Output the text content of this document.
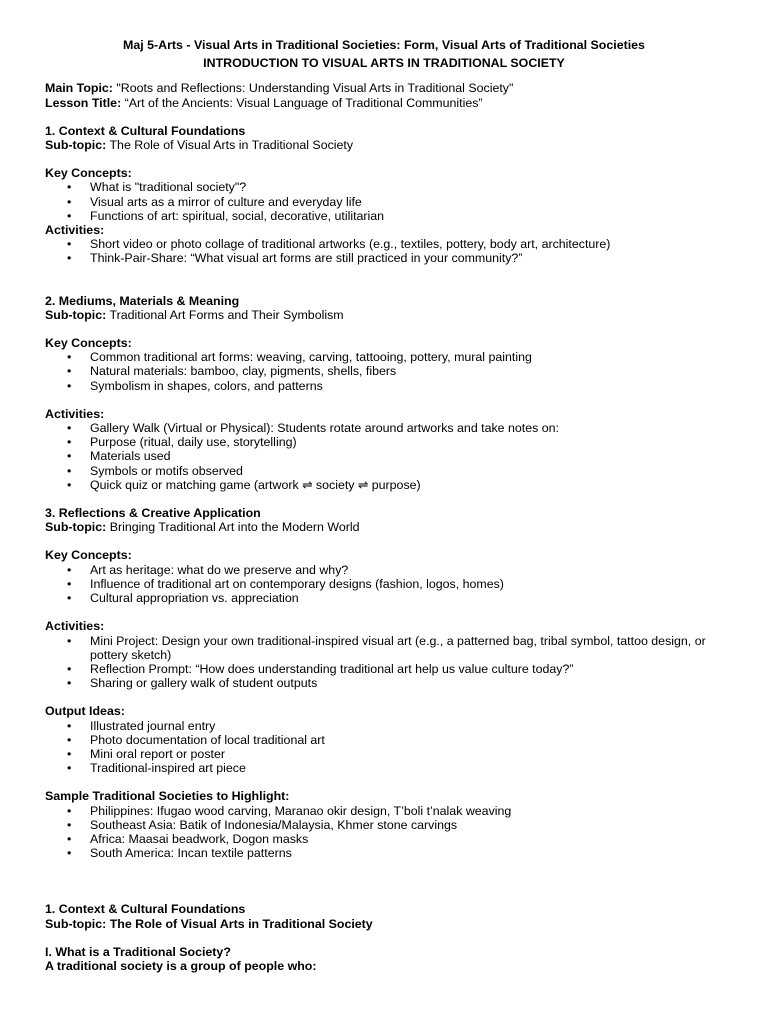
Maj 5-Arts - Visual Arts in Traditional Societies: Form, Visual Arts of Traditional Societies
INTRODUCTION TO VISUAL ARTS IN TRADITIONAL SOCIETY
Main Topic: "Roots and Reflections: Understanding Visual Arts in Traditional Society"
Lesson Title: “Art of the Ancients: Visual Language of Traditional Communities”
1. Context & Cultural Foundations
Sub-topic: The Role of Visual Arts in Traditional Society
Key Concepts:
• What is "traditional society"?
• Visual arts as a mirror of culture and everyday life
• Functions of art: spiritual, social, decorative, utilitarian
Activities:
• Short video or photo collage of traditional artworks (e.g., textiles, pottery, body art, architecture)
• Think-Pair-Share: “What visual art forms are still practiced in your community?”
2. Mediums, Materials & Meaning
Sub-topic: Traditional Art Forms and Their Symbolism
Key Concepts:
• Common traditional art forms: weaving, carving, tattooing, pottery, mural painting
• Natural materials: bamboo, clay, pigments, shells, fibers
• Symbolism in shapes, colors, and patterns
Activities:
• Gallery Walk (Virtual or Physical): Students rotate around artworks and take notes on:
• Purpose (ritual, daily use, storytelling)
• Materials used
• Symbols or motifs observed
• Quick quiz or matching game (artwork ⇌ society ⇌ purpose)
3. Reflections & Creative Application
Sub-topic: Bringing Traditional Art into the Modern World
Key Concepts:
• Art as heritage: what do we preserve and why?
• Influence of traditional art on contemporary designs (fashion, logos, homes)
• Cultural appropriation vs. appreciation
Activities:
• Mini Project: Design your own traditional-inspired visual art (e.g., a patterned bag, tribal symbol, tattoo design, or pottery sketch)
• Reflection Prompt: “How does understanding traditional art help us value culture today?”
• Sharing or gallery walk of student outputs
Output Ideas:
• Illustrated journal entry
• Photo documentation of local traditional art
• Mini oral report or poster
• Traditional-inspired art piece
Sample Traditional Societies to Highlight:
• Philippines: Ifugao wood carving, Maranao okir design, T’boli t’nalak weaving
• Southeast Asia: Batik of Indonesia/Malaysia, Khmer stone carvings
• Africa: Maasai beadwork, Dogon masks
• South America: Incan textile patterns
1. Context & Cultural Foundations
Sub-topic: The Role of Visual Arts in Traditional Society
I. What is a Traditional Society?
A traditional society is a group of people who:
